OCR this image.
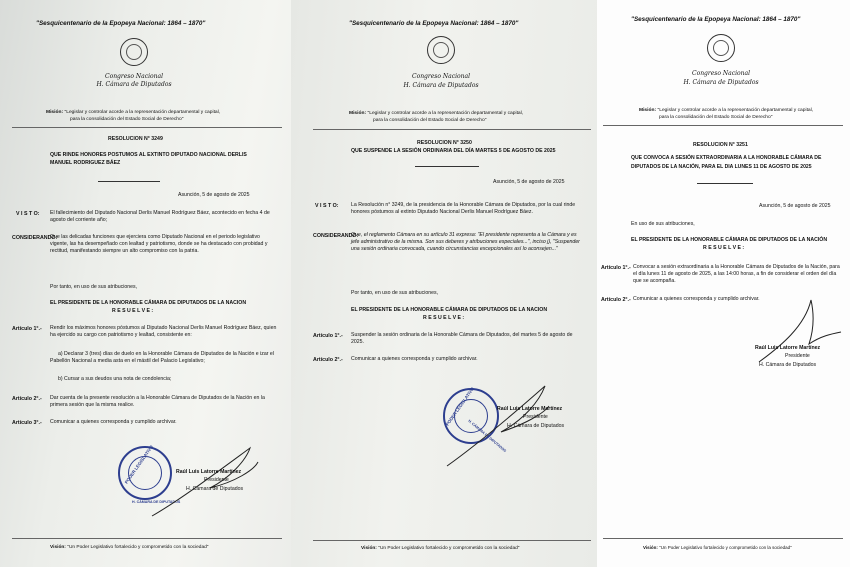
"Sesquicentenario de la Epopeya Nacional: 1864 – 1870"
Congreso Nacional
H. Cámara de Diputados
Misión: "Legislar y controlar acorde a la representación departamental y capital,
para la consolidación del Estado Social de Derecho"
RESOLUCION N° 3249
QUE RINDE HONORES POSTUMOS AL EXTINTO DIPUTADO NACIONAL DERLIS
MANUEL RODRIGUEZ BÁEZ
Asunción, 5 de agosto de 2025
V I S T O: El fallecimiento del Diputado Nacional Derlis Manuel Rodríguez Báez, acontecido en fecha 4 de agosto del corriente año;
CONSIDERANDO:
Que las delicadas funciones que ejerciera como Diputado Nacional en el periodo legislativo vigente, las ha desempeñado con lealtad y patriotismo, donde se ha destacado con probidad y rectitud, manifestando siempre un alto compromiso con la patria.
Por tanto, en uso de sus atribuciones,
EL PRESIDENTE DE LA HONORABLE CÁMARA DE DIPUTADOS DE LA NACION
R E S U E L V E :
Artículo 1°.- Rendir los máximos honores póstumos al Diputado Nacional Derlis Manuel Rodríguez Báez, quien ha ejercido su cargo con patriotismo y lealtad, consistente en:
a) Declarar 3 (tres) días de duelo en la Honorable Cámara de Diputados de la Nación e izar el Pabellón Nacional a media asta en el mástil del Palacio Legislativo;
b) Cursar a sus deudos una nota de condolencia;
Artículo 2°.- Dar cuenta de la presente resolución a la Honorable Cámara de Diputados de la Nación en la primera sesión que la misma realice.
Artículo 3°.- Comunicar a quienes corresponda y cumplido archivar.
PODER LEGISLATIVO
H. CÁMARA DE DIPUTADOS
Raúl Luis Latorre Martínez
Presidente
H. Cámara de Diputados
Visión: "Un Poder Legislativo fortalecido y comprometido con la sociedad"
"Sesquicentenario de la Epopeya Nacional: 1864 – 1870"
Congreso Nacional
H. Cámara de Diputados
Misión: "Legislar y controlar acorde a la representación departamental y capital,
para la consolidación del Estado Social de Derecho"
RESOLUCION N° 3250
QUE SUSPENDE LA SESIÓN ORDINARIA DEL DÍA MARTES 5 DE AGOSTO DE 2025
Asunción, 5 de agosto de 2025
V I S T O: La Resolución n° 3249, de la presidencia de la Honorable Cámara de Diputados, por la cual rinde honores póstumos al extinto Diputado Nacional Derlis Manuel Rodríguez Báez.
CONSIDERANDO:
Que, el reglamento Cámara en su artículo 31 expresa: "El presidente representa a la Cámara y es jefe administrativo de la misma. Son sus deberes y atribuciones especiales...", inciso j), "Suspender una sesión ordinaria convocada, cuando circunstancias excepcionales así lo aconsejen..."
Por tanto, en uso de sus atribuciones,
EL PRESIDENTE DE LA HONORABLE CÁMARA DE DIPUTADOS DE LA NACION
R E S U E L V E :
Artículo 1°.- Suspender la sesión ordinaria de la Honorable Cámara de Diputados, del martes 5 de agosto de 2025.
Artículo 2°.- Comunicar a quienes corresponda y cumplido archivar.
PODER LEGISLATIVO
H. CÁMARA DE DIPUTADOS
Raúl Luis Latorre Martínez
Presidente
H. Cámara de Diputados
Visión: "Un Poder Legislativo fortalecido y comprometido con la sociedad"
"Sesquicentenario de la Epopeya Nacional: 1864 – 1870"
Congreso Nacional
H. Cámara de Diputados
Misión: "Legislar y controlar acorde a la representación departamental y capital,
para la consolidación del Estado Social de Derecho"
RESOLUCION N° 3251
QUE CONVOCA A SESIÓN EXTRAORDINARIA A LA HONORABLE CÁMARA DE
DIPUTADOS DE LA NACIÓN, PARA EL DIA LUNES 11 DE AGOSTO DE 2025
Asunción, 5 de agosto de 2025
En uso de sus atribuciones,
EL PRESIDENTE DE LA HONORABLE CÁMARA DE DIPUTADOS DE LA NACIÓN
R E S U E L V E :
Artículo 1°.- Convocar a sesión extraordinaria a la Honorable Cámara de Diputados de la Nación, para el día lunes 11 de agosto de 2025, a las 14:00 horas, a fin de considerar el orden del día que se acompaña.
Artículo 2°.- Comunicar a quienes corresponda y cumplido archivar.
Raúl Luis Latorre Martínez
Presidente
H. Cámara de Diputados
Visión: "Un Poder Legislativo fortalecido y comprometido con la sociedad"
